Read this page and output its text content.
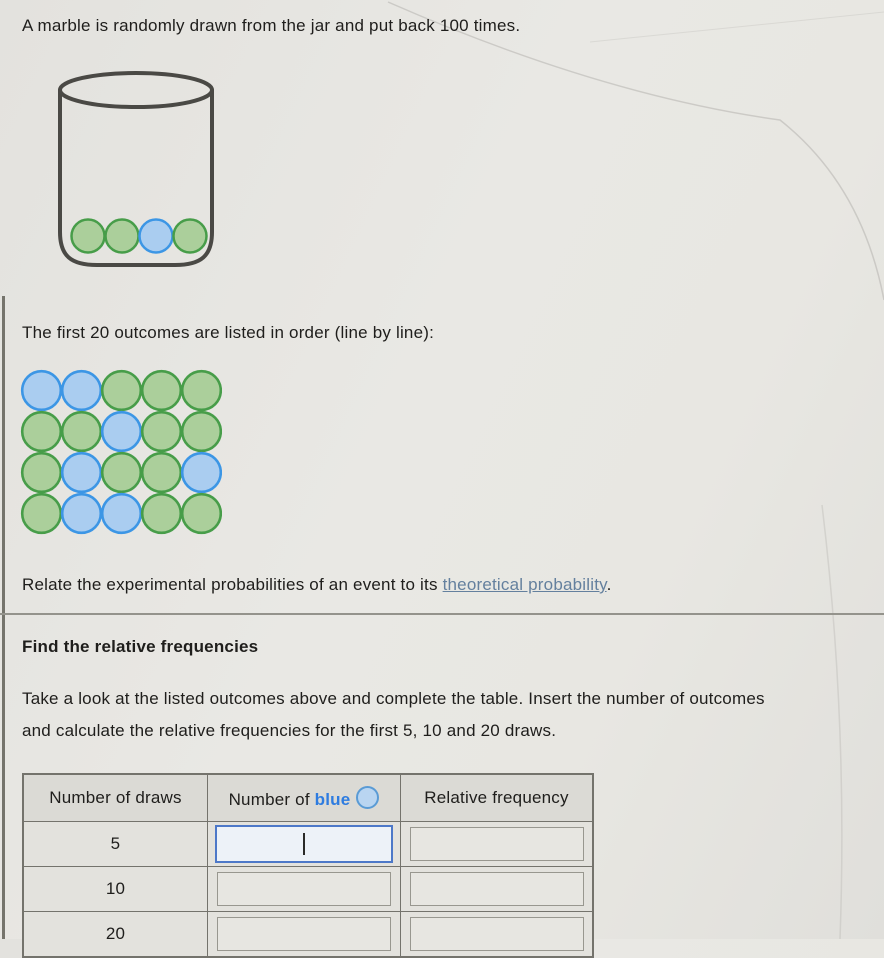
A marble is randomly drawn from the jar and put back 100 times.

The first 20 outcomes are listed in order (line by line):

Relate the experimental probabilities of an event to its theoretical probability.

Find the relative frequencies

Take a look at the listed outcomes above and complete the table. Insert the number of outcomes
and calculate the relative frequencies for the first 5, 10 and 20 draws.

Number of draws	Number of blue	Relative frequency
5	

10	

20	
